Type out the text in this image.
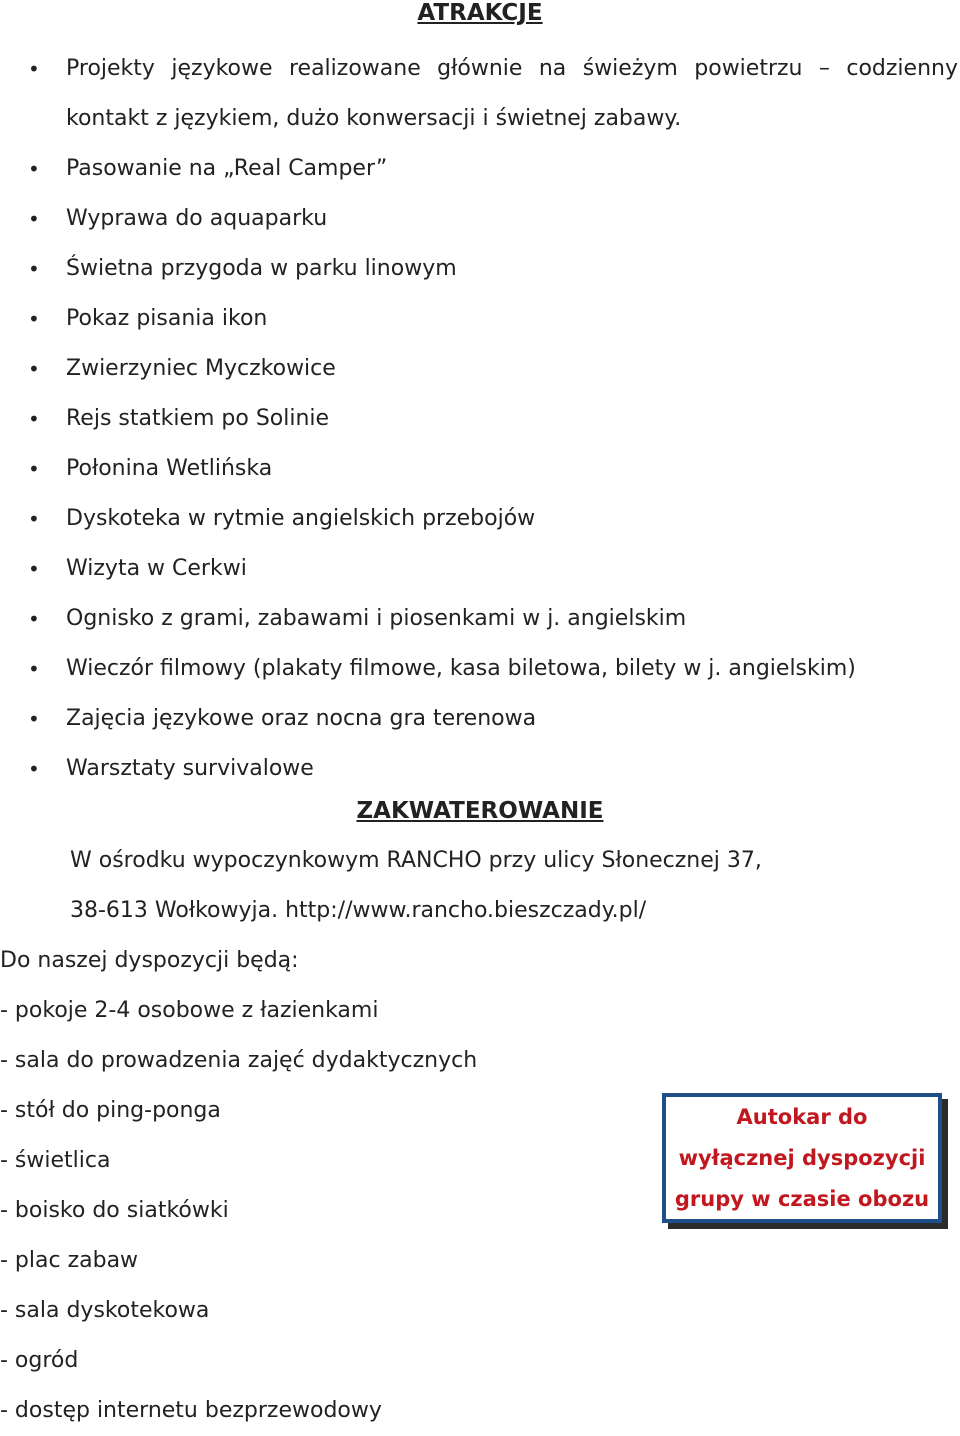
ATRAKCJE
• Projekty językowe realizowane głównie na świeżym powietrzu – codzienny kontakt z językiem, dużo konwersacji i świetnej zabawy.
• Pasowanie na „Real Camper”
• Wyprawa do aquaparku
• Świetna przygoda w parku linowym
• Pokaz pisania ikon
• Zwierzyniec Myczkowice
• Rejs statkiem po Solinie
• Połonina Wetlińska
• Dyskoteka w rytmie angielskich przebojów
• Wizyta w Cerkwi
• Ognisko z grami, zabawami i piosenkami w j. angielskim
• Wieczór filmowy (plakaty filmowe, kasa biletowa, bilety w j. angielskim)
• Zajęcia językowe oraz nocna gra terenowa
• Warsztaty survivalowe
ZAKWATEROWANIE
W ośrodku wypoczynkowym RANCHO przy ulicy Słonecznej 37,
38-613 Wołkowyja. http://www.rancho.bieszczady.pl/
Do naszej dyspozycji będą:
- pokoje 2-4 osobowe z łazienkami
- sala do prowadzenia zajęć dydaktycznych
- stół do ping-ponga
- świetlica
- boisko do siatkówki
- plac zabaw
- sala dyskotekowa
- ogród
- dostęp internetu bezprzewodowy
Autokar do
wyłącznej dyspozycji
grupy w czasie obozu
